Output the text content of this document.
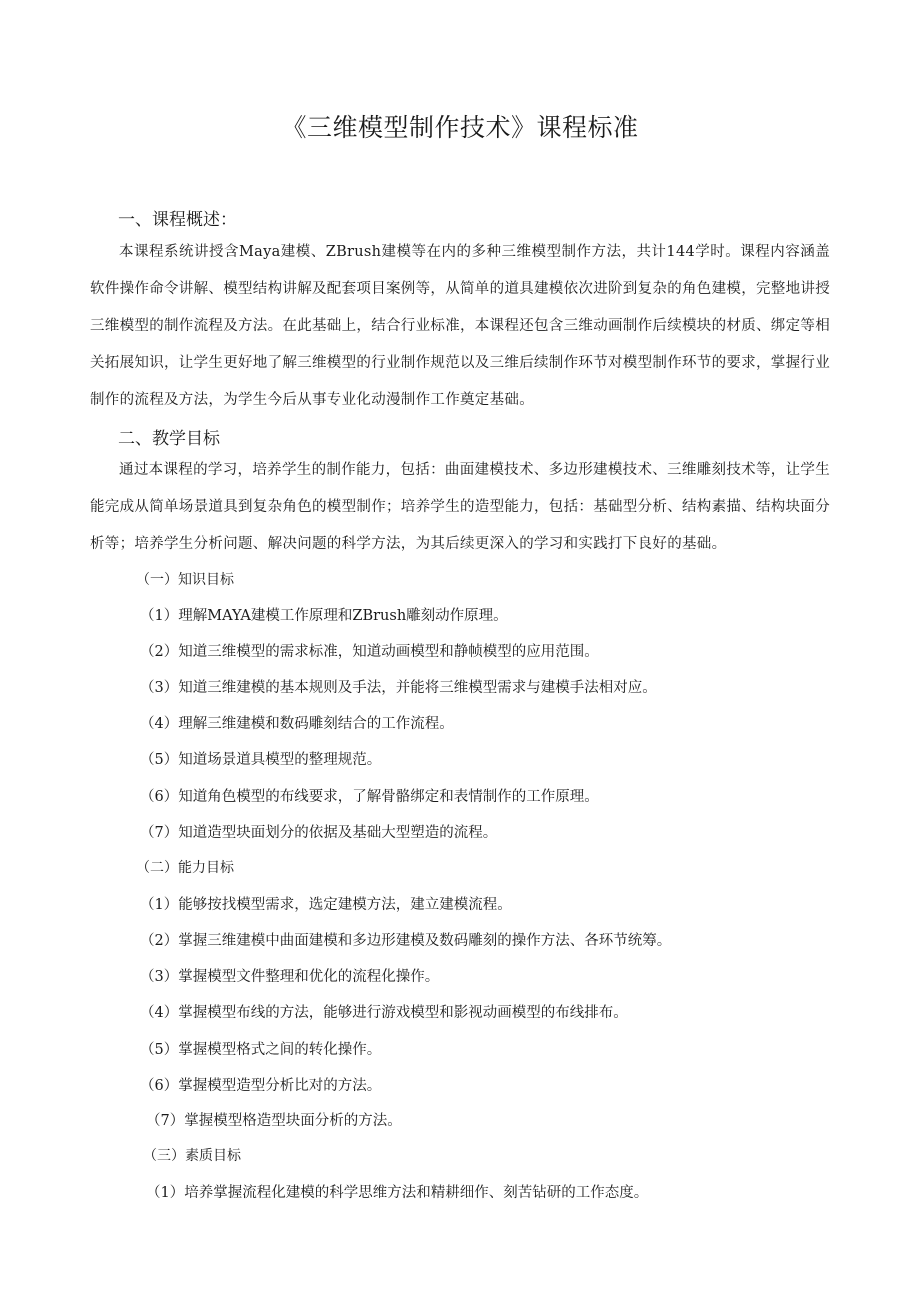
《三维模型制作技术》课程标准
一、课程概述：
本课程系统讲授含Maya建模、ZBrush建模等在内的多种三维模型制作方法，共计144学时。课程内容涵盖软件操作命令讲解、模型结构讲解及配套项目案例等，从简单的道具建模依次进阶到复杂的角色建模，完整地讲授三维模型的制作流程及方法。在此基础上，结合行业标准，本课程还包含三维动画制作后续模块的材质、绑定等相关拓展知识，让学生更好地了解三维模型的行业制作规范以及三维后续制作环节对模型制作环节的要求，掌握行业制作的流程及方法，为学生今后从事专业化动漫制作工作奠定基础。
二、教学目标
通过本课程的学习，培养学生的制作能力，包括：曲面建模技术、多边形建模技术、三维雕刻技术等，让学生能完成从简单场景道具到复杂角色的模型制作；培养学生的造型能力，包括：基础型分析、结构素描、结构块面分析等；培养学生分析问题、解决问题的科学方法，为其后续更深入的学习和实践打下良好的基础。
（一）知识目标
（1）理解MAYA建模工作原理和ZBrush雕刻动作原理。
（2）知道三维模型的需求标准，知道动画模型和静帧模型的应用范围。
（3）知道三维建模的基本规则及手法，并能将三维模型需求与建模手法相对应。
（4）理解三维建模和数码雕刻结合的工作流程。
（5）知道场景道具模型的整理规范。
（6）知道角色模型的布线要求，了解骨骼绑定和表情制作的工作原理。
（7）知道造型块面划分的依据及基础大型塑造的流程。
（二）能力目标
（1）能够按找模型需求，选定建模方法，建立建模流程。
（2）掌握三维建模中曲面建模和多边形建模及数码雕刻的操作方法、各环节统筹。
（3）掌握模型文件整理和优化的流程化操作。
（4）掌握模型布线的方法，能够进行游戏模型和影视动画模型的布线排布。
（5）掌握模型格式之间的转化操作。
（6）掌握模型造型分析比对的方法。
（7）掌握模型格造型块面分析的方法。
（三）素质目标
（1）培养掌握流程化建模的科学思维方法和精耕细作、刻苦钻研的工作态度。
